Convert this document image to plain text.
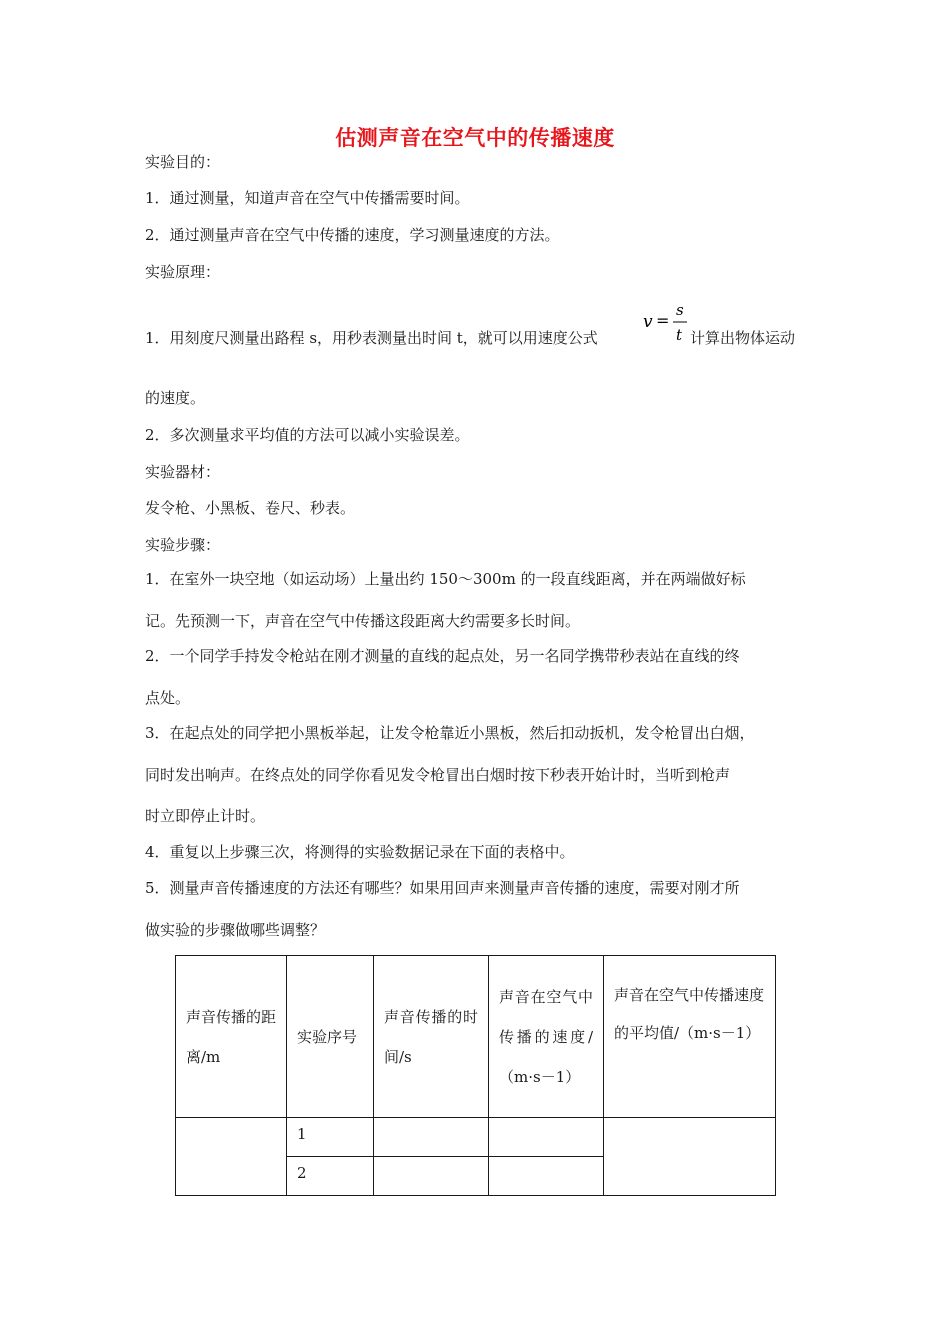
估测声音在空气中的传播速度
实验目的：
1．通过测量，知道声音在空气中传播需要时间。
2．通过测量声音在空气中传播的速度，学习测量速度的方法。
实验原理：
1．用刻度尺测量出路程 s，用秒表测量出时间 t，就可以用速度公式
v =
s
t 计算出物体运动
的速度。
2．多次测量求平均值的方法可以减小实验误差。
实验器材：
发令枪、小黑板、卷尺、秒表。
实验步骤：
1．在室外一块空地（如运动场）上量出约 150～300m 的一段直线距离，并在两端做好标
记。先预测一下，声音在空气中传播这段距离大约需要多长时间。
2．一个同学手持发令枪站在刚才测量的直线的起点处，另一名同学携带秒表站在直线的终
点处。
3．在起点处的同学把小黑板举起，让发令枪靠近小黑板，然后扣动扳机，发令枪冒出白烟，
同时发出响声。在终点处的同学你看见发令枪冒出白烟时按下秒表开始计时，当听到枪声
时立即停止计时。
4．重复以上步骤三次，将测得的实验数据记录在下面的表格中。
5．测量声音传播速度的方法还有哪些？如果用回声来测量声音传播的速度，需要对刚才所
做实验的步骤做哪些调整？
声音传播的距离/m	实验序号	声音传播的时间/s	声音在空气中传播的速度/（m·s－1）	声音在空气中传播速度的平均值/（m·s－1）
	1			
	2			
